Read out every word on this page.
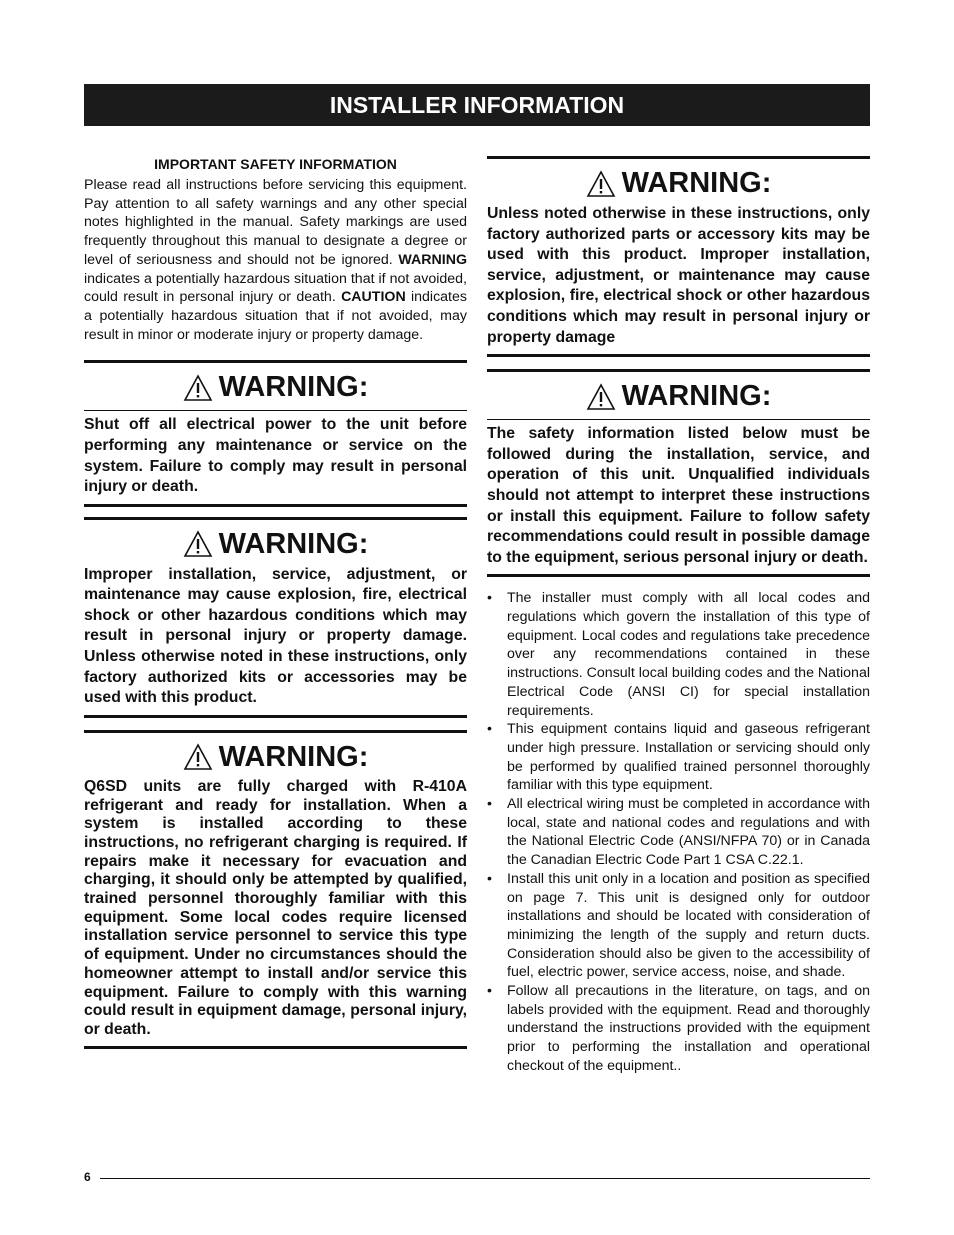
INSTALLER INFORMATION
IMPORTANT SAFETY INFORMATION
Please read all instructions before servicing this equipment. Pay attention to all safety warnings and any other special notes highlighted in the manual. Safety markings are used frequently throughout this manual to designate a degree or level of seriousness and should not be ignored. WARNING indicates a potentially hazardous situation that if not avoided, could result in personal injury or death. CAUTION indicates a potentially hazardous situation that if not avoided, may result in minor or moderate injury or property damage.
WARNING:
Shut off all electrical power to the unit before performing any maintenance or service on the system. Failure to comply may result in personal injury or death.
WARNING:
Improper installation, service, adjustment, or maintenance may cause explosion, fire, electrical shock or other hazardous conditions which may result in personal injury or property damage. Unless otherwise noted in these instructions, only factory authorized kits or accessories may be used with this product.
WARNING:
Q6SD units are fully charged with R-410A refrigerant and ready for installation. When a system is installed according to these instructions, no refrigerant charging is required. If repairs make it necessary for evacuation and charging, it should only be attempted by qualified, trained personnel thoroughly familiar with this equipment. Some local codes require licensed installation service personnel to service this type of equipment. Under no circumstances should the homeowner attempt to install and/or service this equipment. Failure to comply with this warning could result in equipment damage, personal injury, or death.
WARNING:
Unless noted otherwise in these instructions, only factory authorized parts or accessory kits may be used with this product. Improper installation, service, adjustment, or maintenance may cause explosion, fire, electrical shock or other hazardous conditions which may result in personal injury or property damage
WARNING:
The safety information listed below must be followed during the installation, service, and operation of this unit. Unqualified individuals should not attempt to interpret these instructions or install this equipment. Failure to follow safety recommendations could result in possible damage to the equipment, serious personal injury or death.
• The installer must comply with all local codes and regulations which govern the installation of this type of equipment. Local codes and regulations take precedence over any recommendations contained in these instructions. Consult local building codes and the National Electrical Code (ANSI CI) for special installation requirements.
• This equipment contains liquid and gaseous refrigerant under high pressure. Installation or servicing should only be performed by qualified trained personnel thoroughly familiar with this type equipment.
• All electrical wiring must be completed in accordance with local, state and national codes and regulations and with the National Electric Code (ANSI/NFPA 70) or in Canada the Canadian Electric Code Part 1 CSA C.22.1.
• Install this unit only in a location and position as specified on page 7. This unit is designed only for outdoor installations and should be located with consideration of minimizing the length of the supply and return ducts. Consideration should also be given to the accessibility of fuel, electric power, service access, noise, and shade.
• Follow all precautions in the literature, on tags, and on labels provided with the equipment. Read and thoroughly understand the instructions provided with the equipment prior to performing the installation and operational checkout of the equipment..
6
